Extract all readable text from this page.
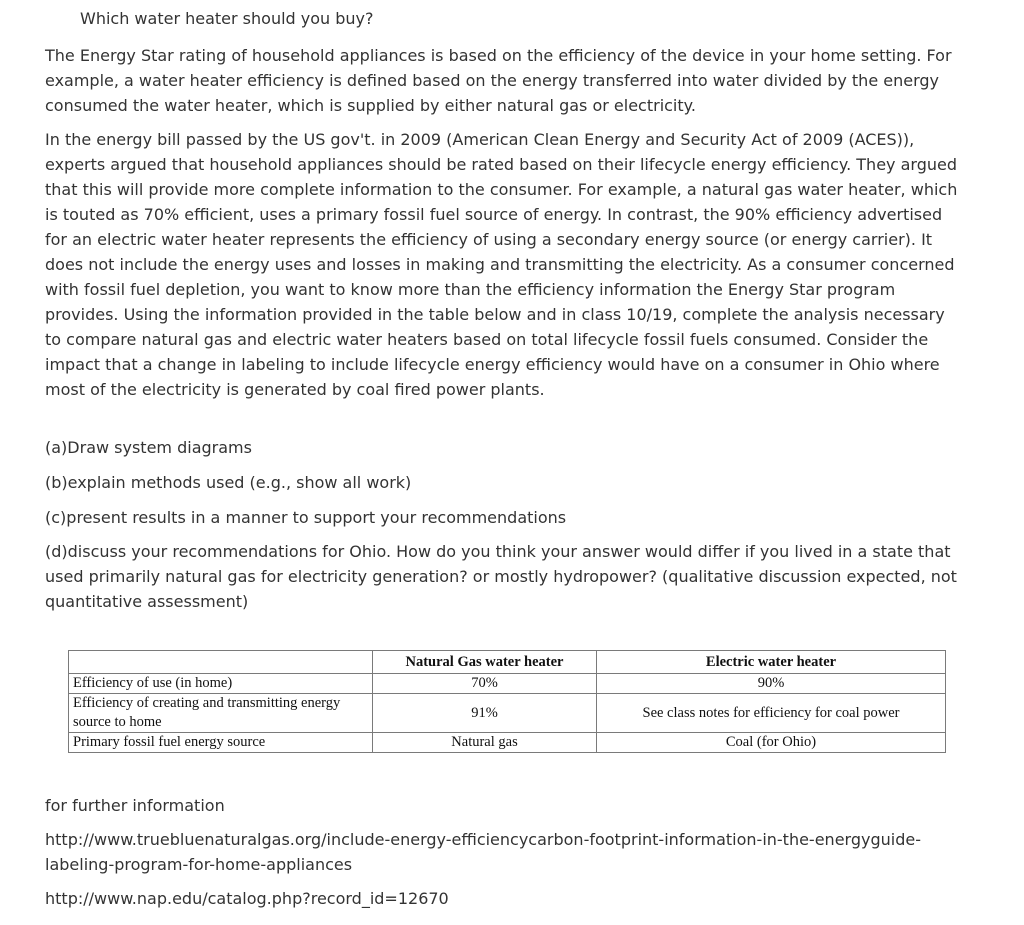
Which water heater should you buy?
The Energy Star rating of household appliances is based on the efficiency of the device in your home setting. For example, a water heater efficiency is defined based on the energy transferred into water divided by the energy consumed the water heater, which is supplied by either natural gas or electricity.
In the energy bill passed by the US gov't. in 2009 (American Clean Energy and Security Act of 2009 (ACES)), experts argued that household appliances should be rated based on their lifecycle energy efficiency. They argued that this will provide more complete information to the consumer. For example, a natural gas water heater, which is touted as 70% efficient, uses a primary fossil fuel source of energy. In contrast, the 90% efficiency advertised for an electric water heater represents the efficiency of using a secondary energy source (or energy carrier). It does not include the energy uses and losses in making and transmitting the electricity. As a consumer concerned with fossil fuel depletion, you want to know more than the efficiency information the Energy Star program provides. Using the information provided in the table below and in class 10/19, complete the analysis necessary to compare natural gas and electric water heaters based on total lifecycle fossil fuels consumed. Consider the impact that a change in labeling to include lifecycle energy efficiency would have on a consumer in Ohio where most of the electricity is generated by coal fired power plants.
(a)Draw system diagrams
(b)explain methods used (e.g., show all work)
(c)present results in a manner to support your recommendations
(d)discuss your recommendations for Ohio. How do you think your answer would differ if you lived in a state that used primarily natural gas for electricity generation? or mostly hydropower? (qualitative discussion expected, not quantitative assessment)
	Natural Gas water heater	Electric water heater
Efficiency of use (in home)	70%	90%
Efficiency of creating and transmitting energy source to home	91%	See class notes for efficiency for coal power
Primary fossil fuel energy source	Natural gas	Coal (for Ohio)
for further information
http://www.truebluenaturalgas.org/include-energy-efficiencycarbon-footprint-information-in-the-energyguide-labeling-program-for-home-appliances
http://www.nap.edu/catalog.php?record_id=12670
